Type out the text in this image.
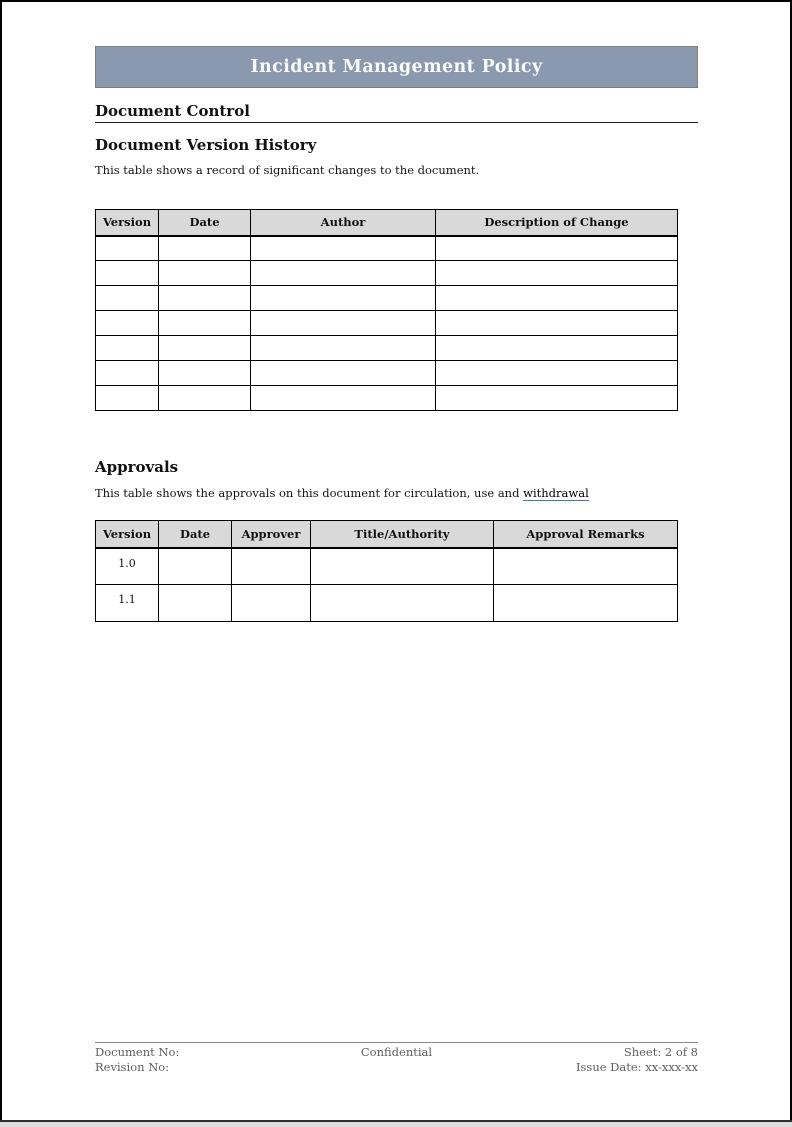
Incident Management Policy
Document Control
Document Version History
This table shows a record of significant changes to the document.
Version	Date	Author	Description of Change

Approvals
This table shows the approvals on this document for circulation, use and withdrawal
Version	Date	Approver	Title/Authority	Approval Remarks
1.0				
1.1				
Document No:
Revision No:
Confidential	Sheet: 2 of 8
Issue Date: xx-xxx-xx
